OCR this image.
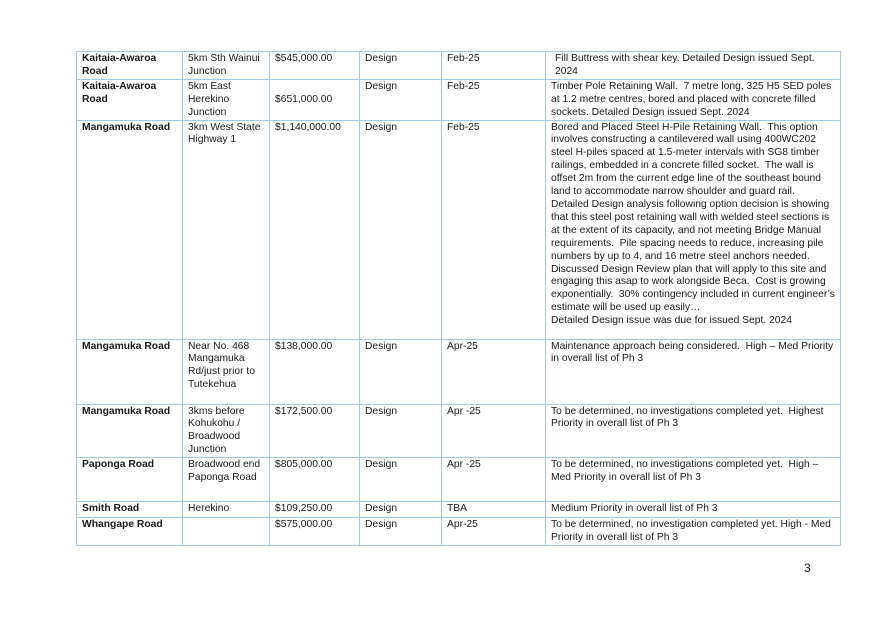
Kaitaia-Awaroa Road	5km Sth Wainui Junction	$545,000.00	Design	Feb-25	Fill Buttress with shear key. Detailed Design issued Sept. 2024

Kaitaia-Awaroa Road	5km East Herekino Junction	$651,000.00	Design	Feb-25	Timber Pole Retaining Wall.  7 metre long, 325 H5 SED poles at 1.2 metre centres, bored and placed with concrete filled sockets. Detailed Design issued Sept. 2024

Mangamuka Road	3km West State Highway 1	$1,140,000.00	Design	Feb-25	Bored and Placed Steel H-Pile Retaining Wall.  This option involves constructing a cantilevered wall using 400WC202 steel H-piles spaced at 1.5-meter intervals with SG8 timber railings, embedded in a concrete filled socket.  The wall is offset 2m from the current edge line of the southeast bound land to accommodate narrow shoulder and guard rail.  Detailed Design analysis following option decision is showing that this steel post retaining wall with welded steel sections is at the extent of its capacity, and not meeting Bridge Manual requirements.  Pile spacing needs to reduce, increasing pile numbers by up to 4, and 16 metre steel anchors needed.
Discussed Design Review plan that will apply to this site and engaging this asap to work alongside Beca.  Cost is growing exponentially.  30% contingency included in current engineer’s estimate will be used up easily…
Detailed Design issue was due for issued Sept. 2024

Mangamuka Road	Near No. 468 Mangamuka Rd/just prior to Tutekehua	$138,000.00	Design	Apr-25	Maintenance approach being considered.  High – Med Priority in overall list of Ph 3

Mangamuka Road	3kms before Kohukohu / Broadwood Junction	$172,500.00	Design	Apr -25	To be determined, no investigations completed yet.  Highest Priority in overall list of Ph 3

Paponga Road	Broadwood end Paponga Road	$805,000.00	Design	Apr -25	To be determined, no investigations completed yet.  High – Med Priority in overall list of Ph 3

Smith Road	Herekino	$109,250.00	Design	TBA	Medium Priority in overall list of Ph 3

Whangape Road		$575,000.00	Design	Apr-25	To be determined, no investigation completed yet. High - Med Priority in overall list of Ph 3
3
